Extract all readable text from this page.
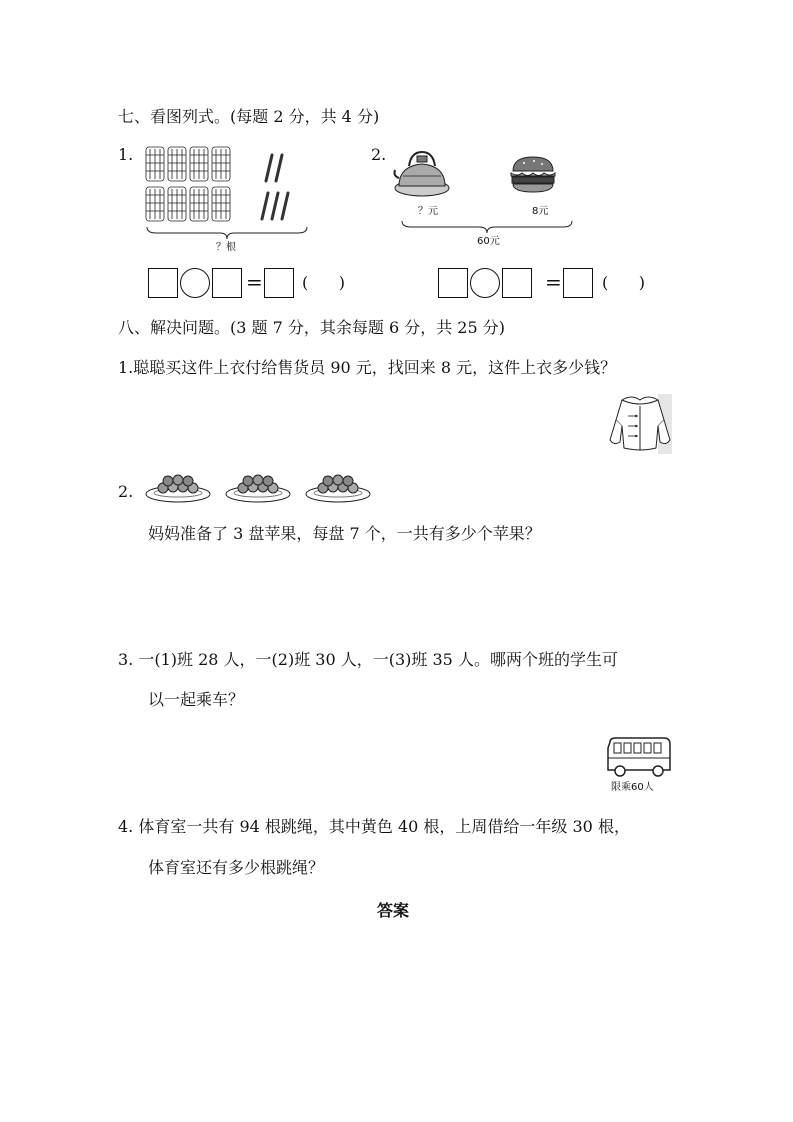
七、看图列式。(每题 2 分，共 4 分)
1.
？根
2.
？元	8元
60元
= (      )	=	(      )
八、解决问题。(3 题 7 分，其余每题 6 分，共 25 分)
1.聪聪买这件上衣付给售货员 90 元，找回来 8 元，这件上衣多少钱？
2.
妈妈准备了 3 盘苹果，每盘 7 个，一共有多少个苹果？
3. 一(1)班 28 人，一(2)班 30 人，一(3)班 35 人。哪两个班的学生可
以一起乘车？
限乘60人
4. 体育室一共有 94 根跳绳，其中黄色 40 根，上周借给一年级 30 根，
体育室还有多少根跳绳？
答案
